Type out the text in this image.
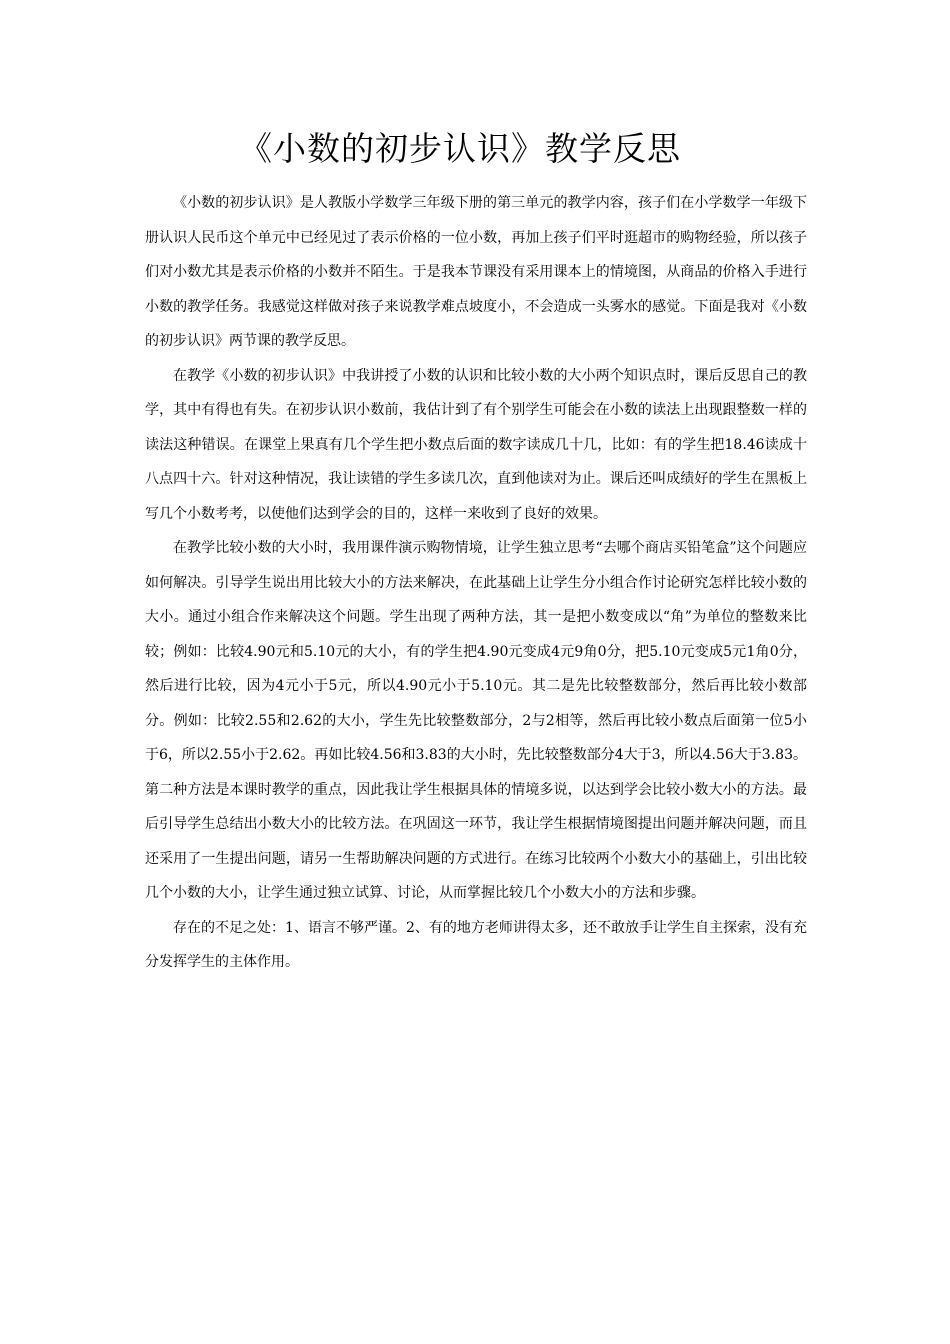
《小数的初步认识》教学反思

《小数的初步认识》是人教版小学数学三年级下册的第三单元的教学内容，孩子们在小学数学一年级下册认识人民币这个单元中已经见过了表示价格的一位小数，再加上孩子们平时逛超市的购物经验，所以孩子们对小数尤其是表示价格的小数并不陌生。于是我本节课没有采用课本上的情境图，从商品的价格入手进行小数的教学任务。我感觉这样做对孩子来说教学难点坡度小，不会造成一头雾水的感觉。下面是我对《小数的初步认识》两节课的教学反思。

在教学《小数的初步认识》中我讲授了小数的认识和比较小数的大小两个知识点时，课后反思自己的教学，其中有得也有失。在初步认识小数前，我估计到了有个别学生可能会在小数的读法上出现跟整数一样的读法这种错误。在课堂上果真有几个学生把小数点后面的数字读成几十几，比如：有的学生把18.46读成十八点四十六。针对这种情况，我让读错的学生多读几次，直到他读对为止。课后还叫成绩好的学生在黑板上写几个小数考考，以使他们达到学会的目的，这样一来收到了良好的效果。

在教学比较小数的大小时，我用课件演示购物情境，让学生独立思考“去哪个商店买铅笔盒”这个问题应如何解决。引导学生说出用比较大小的方法来解决，在此基础上让学生分小组合作讨论研究怎样比较小数的大小。通过小组合作来解决这个问题。学生出现了两种方法，其一是把小数变成以“角”为单位的整数来比较；例如：比较4.90元和5.10元的大小，有的学生把4.90元变成4元9角0分，把5.10元变成5元1角0分，然后进行比较，因为4元小于5元，所以4.90元小于5.10元。其二是先比较整数部分，然后再比较小数部分。例如：比较2.55和2.62的大小，学生先比较整数部分，2与2相等，然后再比较小数点后面第一位5小于6，所以2.55小于2.62。再如比较4.56和3.83的大小时，先比较整数部分4大于3，所以4.56大于3.83。第二种方法是本课时教学的重点，因此我让学生根据具体的情境多说，以达到学会比较小数大小的方法。最后引导学生总结出小数大小的比较方法。在巩固这一环节，我让学生根据情境图提出问题并解决问题，而且还采用了一生提出问题，请另一生帮助解决问题的方式进行。在练习比较两个小数大小的基础上，引出比较几个小数的大小，让学生通过独立试算、讨论，从而掌握比较几个小数大小的方法和步骤。

存在的不足之处：1、语言不够严谨。2、有的地方老师讲得太多，还不敢放手让学生自主探索，没有充分发挥学生的主体作用。
